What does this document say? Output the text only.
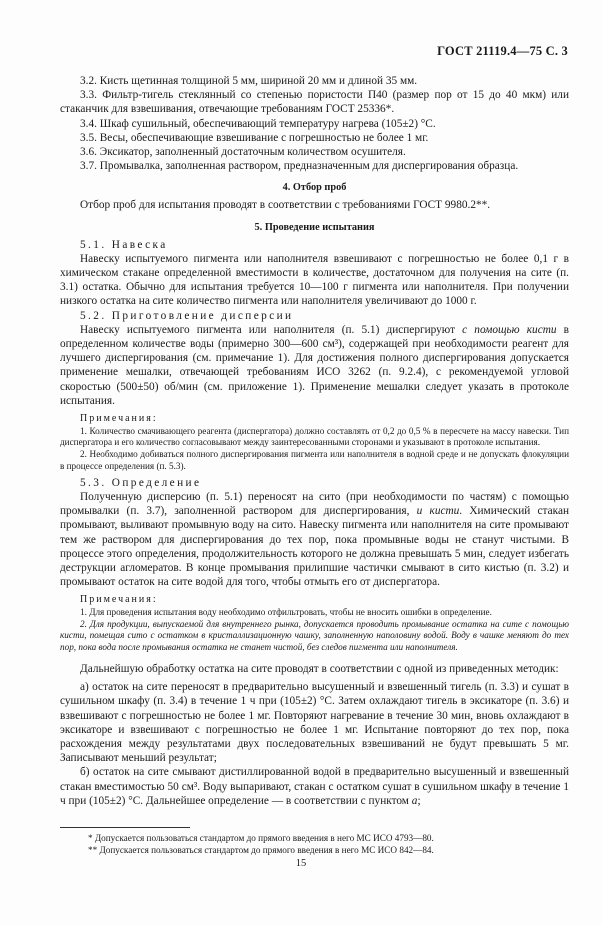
ГОСТ 21119.4—75 С. 3

3.2. Кисть щетинная толщиной 5 мм, шириной 20 мм и длиной 35 мм.

3.3. Фильтр-тигель стеклянный со степенью пористости П40 (размер пор от 15 до 40 мкм) или стаканчик для взвешивания, отвечающие требованиям ГОСТ 25336*.

3.4. Шкаф сушильный, обеспечивающий температуру нагрева (105±2) °С.

3.5. Весы, обеспечивающие взвешивание с погрешностью не более 1 мг.

3.6. Эксикатор, заполненный достаточным количеством осушителя.

3.7. Промывалка, заполненная раствором, предназначенным для диспергирования образца.

4. Отбор проб

Отбор проб для испытания проводят в соответствии с требованиями ГОСТ 9980.2**.

5. Проведение испытания

5.1. Навеска

Навеску испытуемого пигмента или наполнителя взвешивают с погрешностью не более 0,1 г в химическом стакане определенной вместимости в количестве, достаточном для получения на сите (п. 3.1) остатка. Обычно для испытания требуется 10—100 г пигмента или наполнителя. При получении низкого остатка на сите количество пигмента или наполнителя увеличивают до 1000 г.

5.2. Приготовление дисперсии

Навеску испытуемого пигмента или наполнителя (п. 5.1) диспергируют с помощью кисти в определенном количестве воды (примерно 300—600 см³), содержащей при необходимости реагент для лучшего диспергирования (см. примечание 1). Для достижения полного диспергирования допускается применение мешалки, отвечающей требованиям ИСО 3262 (п. 9.2.4), с рекомендуемой угловой скоростью (500±50) об/мин (см. приложение 1). Применение мешалки следует указать в протоколе испытания.

Примечания:

1. Количество смачивающего реагента (диспергатора) должно составлять от 0,2 до 0,5 % в пересчете на массу навески. Тип диспергатора и его количество согласовывают между заинтересованными сторонами и указывают в протоколе испытания.

2. Необходимо добиваться полного диспергирования пигмента или наполнителя в водной среде и не допускать флокуляции в процессе определения (п. 5.3).

5.3. Определение

Полученную дисперсию (п. 5.1) переносят на сито (при необходимости по частям) с помощью промывалки (п. 3.7), заполненной раствором для диспергирования, и кисти. Химический стакан промывают, выливают промывную воду на сито. Навеску пигмента или наполнителя на сите промывают тем же раствором для диспергирования до тех пор, пока промывные воды не станут чистыми. В процессе этого определения, продолжительность которого не должна превышать 5 мин, следует избегать деструкции агломератов. В конце промывания прилипшие частички смывают в сито кистью (п. 3.2) и промывают остаток на сите водой для того, чтобы отмыть его от диспергатора.

Примечания:

1. Для проведения испытания воду необходимо отфильтровать, чтобы не вносить ошибки в определение.

2. Для продукции, выпускаемой для внутреннего рынка, допускается проводить промывание остатка на сите с помощью кисти, помещая сито с остатком в кристаллизационную чашку, заполненную наполовину водой. Воду в чашке меняют до тех пор, пока вода после промывания остатка не станет чистой, без следов пигмента или наполнителя.

Дальнейшую обработку остатка на сите проводят в соответствии с одной из приведенных методик:

а) остаток на сите переносят в предварительно высушенный и взвешенный тигель (п. 3.3) и сушат в сушильном шкафу (п. 3.4) в течение 1 ч при (105±2) °С. Затем охлаждают тигель в эксикаторе (п. 3.6) и взвешивают с погрешностью не более 1 мг. Повторяют нагревание в течение 30 мин, вновь охлаждают в эксикаторе и взвешивают с погрешностью не более 1 мг. Испытание повторяют до тех пор, пока расхождения между результатами двух последовательных взвешиваний не будут превышать 5 мг. Записывают меньший результат;

б) остаток на сите смывают дистиллированной водой в предварительно высушенный и взвешенный стакан вместимостью 50 см³. Воду выпаривают, стакан с остатком сушат в сушильном шкафу в течение 1 ч при (105±2) °С. Дальнейшее определение — в соответствии с пунктом а;

* Допускается пользоваться стандартом до прямого введения в него МС ИСО 4793—80.

** Допускается пользоваться стандартом до прямого введения в него МС ИСО 842—84.

15
